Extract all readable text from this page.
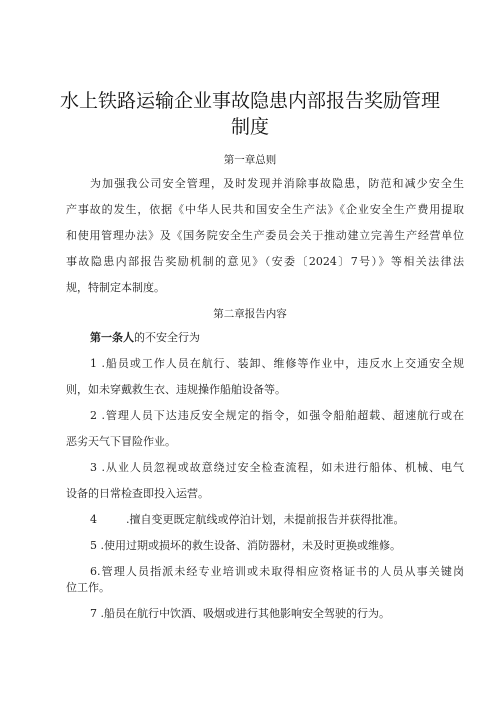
水上铁路运输企业事故隐患内部报告奖励管理
制度
第一章总则
为加强我公司安全管理，及时发现并消除事故隐患，防范和减少安全生
产事故的发生，依据《中华人民共和国安全生产法》《企业安全生产费用提取
和使用管理办法》及《国务院安全生产委员会关于推动建立完善生产经营单位
事故隐患内部报告奖励机制的意见》（安委〔2024〕7号）》等相关法律法
规，特制定本制度。
第二章报告内容
第一条人的不安全行为
1 .船员或工作人员在航行、装卸、维修等作业中，违反水上交通安全规
则，如未穿戴救生衣、违规操作船舶设备等。
2 .管理人员下达违反安全规定的指令，如强令船舶超载、超速航行或在
恶劣天气下冒险作业。
3 .从业人员忽视或故意绕过安全检查流程，如未进行船体、机械、电气
设备的日常检查即投入运营。
4	.擅自变更既定航线或停泊计划，未提前报告并获得批准。
5 .使用过期或损坏的救生设备、消防器材，未及时更换或维修。
6.管理人员指派未经专业培训或未取得相应资格证书的人员从事关键岗
位工作。
7 .船员在航行中饮酒、吸烟或进行其他影响安全驾驶的行为。
